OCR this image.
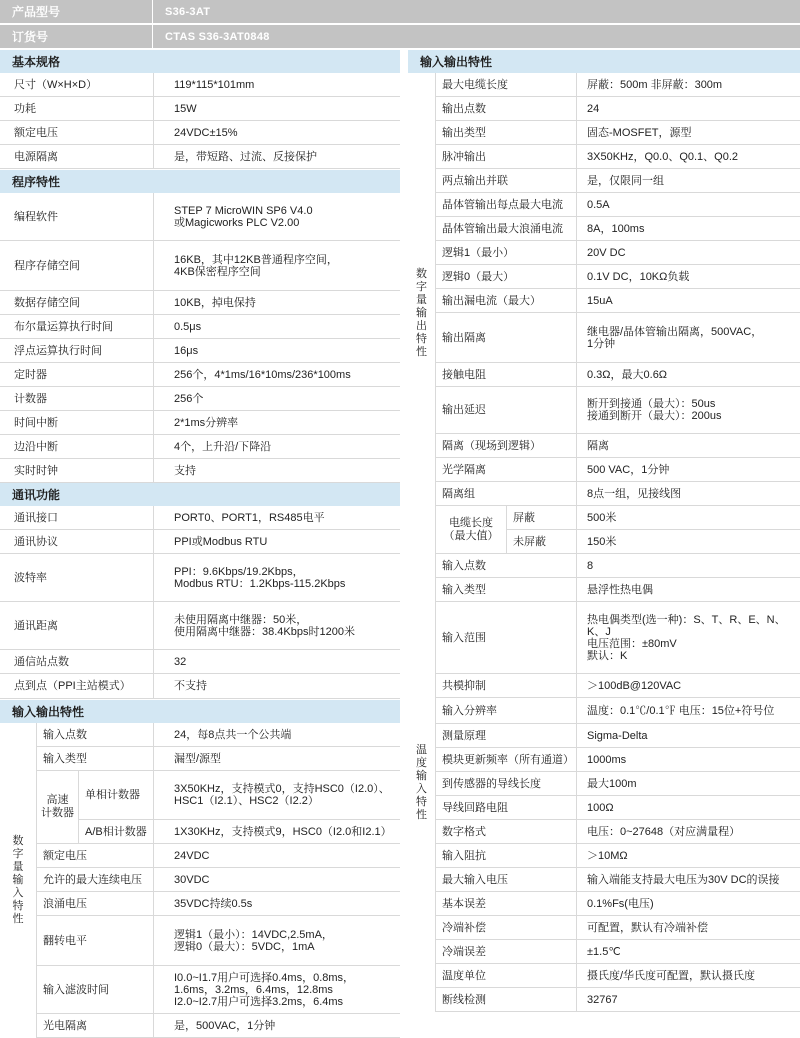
产品型号	S36-3AT
订货号	CTAS S36-3AT0848
基本规格
尺寸（W×H×D）	119*115*101mm
功耗	15W
额定电压	24VDC±15%
电源隔离	是，带短路、过流、反接保护
程序特性
编程软件	STEP 7 MicroWIN SP6 V4.0
或Magicworks PLC V2.00
程序存储空间	16KB，其中12KB普通程序空间，
4KB保密程序空间
数据存储空间	10KB，掉电保持
布尔量运算执行时间	0.5μs
浮点运算执行时间	16μs
定时器	256个，4*1ms/16*10ms/236*100ms
计数器	256个
时间中断	2*1ms分辨率
边沿中断	4个，上升沿/下降沿
实时时钟	支持
通讯功能
通讯接口	PORT0、PORT1，RS485电平
通讯协议	PPI或Modbus RTU
波特率	PPI：9.6Kbps/19.2Kbps，
Modbus RTU：1.2Kbps-115.2Kbps
通讯距离	未使用隔离中继器：50米，
使用隔离中继器：38.4Kbps时1200米
通信站点数	32
点到点（PPI主站模式）	不支持
输入输出特性
数字量输入特性
输入点数	24，每8点共一个公共端
输入类型	漏型/源型
高速
计数器
单相计数器	3X50KHz，支持模式0，支持HSC0（I2.0）、
HSC1（I2.1）、HSC2（I2.2）
A/B相计数器	1X30KHz，支持模式9，HSC0（I2.0和I2.1）
额定电压	24VDC
允许的最大连续电压	30VDC
浪涌电压	35VDC持续0.5s
翻转电平	逻辑1（最小）：14VDC,2.5mA，
逻辑0（最大）：5VDC，1mA
输入滤波时间
I0.0~I1.7用户可选择0.4ms，0.8ms，
1.6ms，3.2ms，6.4ms，12.8ms
I2.0~I2.7用户可选择3.2ms，6.4ms
光电隔离	是，500VAC，1分钟
输入输出特性
数字量输出特性
最大电缆长度	屏蔽：500m 非屏蔽：300m
输出点数	24
输出类型	固态-MOSFET，源型
脉冲输出	3X50KHz，Q0.0、Q0.1、Q0.2
两点输出并联	是，仅限同一组
晶体管输出每点最大电流	0.5A
晶体管输出最大浪涌电流	8A，100ms
逻辑1（最小）	20V DC
逻辑0（最大）	0.1V DC，10KΩ负载
输出漏电流（最大）	15uA
输出隔离	继电器/晶体管输出隔离，500VAC，
1分钟
接触电阻	0.3Ω，最大0.6Ω
输出延迟	断开到接通（最大）：50us
接通到断开（最大）：200us
隔离（现场到逻辑）	隔离
光学隔离	500 VAC，1分钟
隔离组	8点一组，见接线图
电缆长度
（最大值）
屏蔽	500米
未屏蔽	150米
温度输入特性
输入点数	8
输入类型	悬浮性热电偶
输入范围
热电偶类型(选一种)：S、T、R、E、N、
K、J
电压范围：±80mV
默认：K
共模抑制	＞100dB@120VAC
输入分辨率	温度：0.1℃/0.1℉ 电压：15位+符号位
测量原理	Sigma-Delta
模块更新频率（所有通道）	1000ms
到传感器的导线长度	最大100m
导线回路电阻	100Ω
数字格式	电压：0~27648（对应满量程）
输入阻抗	＞10MΩ
最大输入电压	输入端能支持最大电压为30V DC的误接
基本误差	0.1%Fs(电压)
冷端补偿	可配置，默认有冷端补偿
冷端误差	±1.5℃
温度单位	摄氏度/华氏度可配置，默认摄氏度
断线检测	32767
